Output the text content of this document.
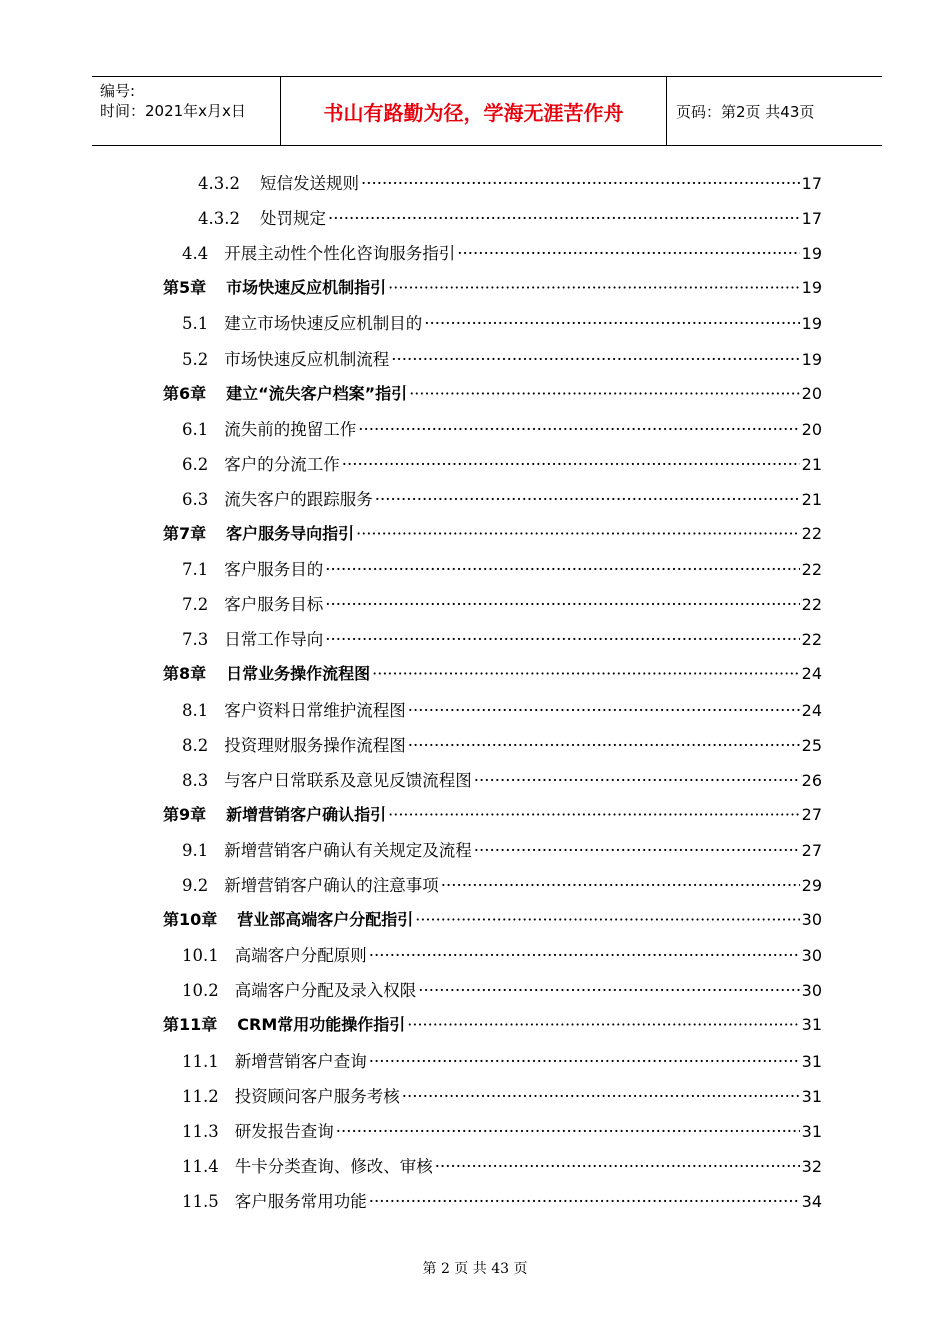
编号:
时间：2021年x月x日	书山有路勤为径，学海无涯苦作舟	页码：第2页 共43页
4.3.2 短信发送规则 ·····	17
4.3.2 处罚规定 ·····	17
4.4 开展主动性个性化咨询服务指引 ·····	19
第5章 市场快速反应机制指引 ·····	19
5.1 建立市场快速反应机制目的 ·····	19
5.2 市场快速反应机制流程 ·····	19
第6章 建立“流失客户档案”指引 ·····	20
6.1 流失前的挽留工作 ·····	20
6.2 客户的分流工作 ·····	21
6.3 流失客户的跟踪服务 ·····	21
第7章 客户服务导向指引 ·····	22
7.1 客户服务目的 ·····	22
7.2 客户服务目标 ·····	22
7.3 日常工作导向 ·····	22
第8章 日常业务操作流程图 ·····	24
8.1 客户资料日常维护流程图 ·····	24
8.2 投资理财服务操作流程图 ·····	25
8.3 与客户日常联系及意见反馈流程图 ·····	26
第9章 新增营销客户确认指引 ·····	27
9.1 新增营销客户确认有关规定及流程 ·····	27
9.2 新增营销客户确认的注意事项 ·····	29
第10章 营业部高端客户分配指引 ·····	30
10.1 高端客户分配原则 ·····	30
10.2 高端客户分配及录入权限 ·····	30
第11章 CRM常用功能操作指引 ·····	31
11.1 新增营销客户查询 ·····	31
11.2 投资顾问客户服务考核 ·····	31
11.3 研发报告查询 ·····	31
11.4 牛卡分类查询、修改、审核 ·····	32
11.5 客户服务常用功能 ·····	34
第 2 页 共 43 页
